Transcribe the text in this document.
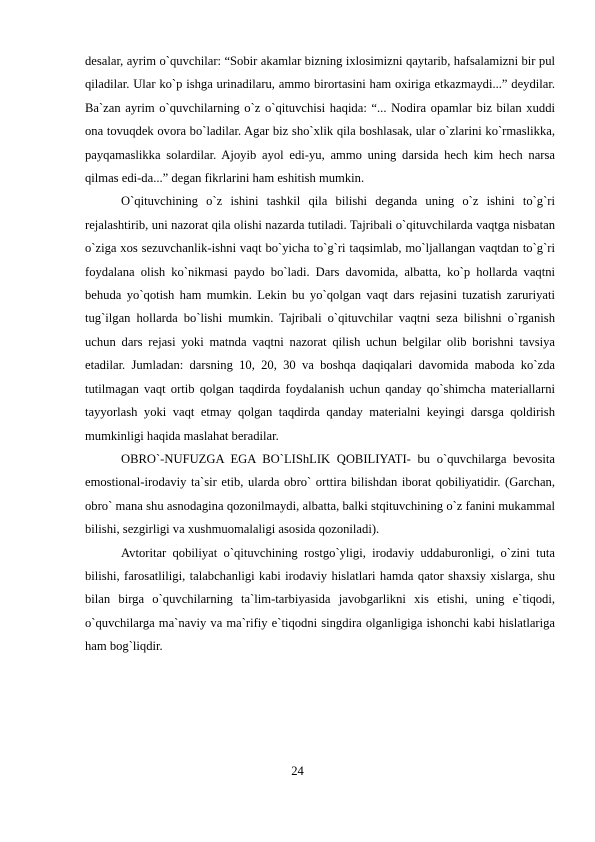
desalar, ayrim o`quvchilar: “Sobir akamlar bizning ixlosimizni qaytarib, hafsalamizni bir pul qiladilar. Ular ko`p ishga urinadilaru, ammo birortasini ham oxiriga etkazmaydi...” deydilar. Ba`zan ayrim o`quvchilarning o`z o`qituvchisi haqida: “... Nodira opamlar biz bilan xuddi ona tovuqdek ovora bo`ladilar. Agar biz sho`xlik qila boshlasak, ular o`zlarini ko`rmaslikka, payqamaslikka solardilar. Ajoyib ayol edi-yu, ammo uning darsida hech kim hech narsa qilmas edi-da...” degan fikrlarini ham eshitish mumkin.

O`qituvchining o`z ishini tashkil qila bilishi deganda uning o`z ishini to`g`ri rejalashtirib, uni nazorat qila olishi nazarda tutiladi. Tajribali o`qituvchilarda vaqtga nisbatan o`ziga xos sezuvchanlik-ishni vaqt bo`yicha to`g`ri taqsimlab, mo`ljallangan vaqtdan to`g`ri foydalana olish ko`nikmasi paydo bo`ladi. Dars davomida, albatta, ko`p hollarda vaqtni behuda yo`qotish ham mumkin. Lekin bu yo`qolgan vaqt dars rejasini tuzatish zaruriyati tug`ilgan hollarda bo`lishi mumkin. Tajribali o`qituvchilar vaqtni seza bilishni o`rganish uchun dars rejasi yoki matnda vaqtni nazorat qilish uchun belgilar olib borishni tavsiya etadilar. Jumladan: darsning 10, 20, 30 va boshqa daqiqalari davomida maboda ko`zda tutilmagan vaqt ortib qolgan taqdirda foydalanish uchun qanday qo`shimcha materiallarni tayyorlash yoki vaqt etmay qolgan taqdirda qanday materialni keyingi darsga qoldirish mumkinligi haqida maslahat beradilar.

OBRO`-NUFUZGA EGA BO`LIShLIK QOBILIYATI- bu o`quvchilarga bevosita emostional-irodaviy ta`sir etib, ularda obro` orttira bilishdan iborat qobiliyatidir. (Garchan, obro` mana shu asnodagina qozonilmaydi, albatta, balki stqituvchining o`z fanini mukammal bilishi, sezgirligi va xushmuomalaligi asosida qozoniladi).

Avtoritar qobiliyat o`qituvchining rostgo`yligi, irodaviy uddaburonligi, o`zini tuta bilishi, farosatliligi, talabchanligi kabi irodaviy hislatlari hamda qator shaxsiy xislarga, shu bilan birga o`quvchilarning ta`lim-tarbiyasida javobgarlikni xis etishi, uning e`tiqodi, o`quvchilarga ma`naviy va ma`rifiy e`tiqodni singdira olganligiga ishonchi kabi hislatlariga ham bog`liqdir.

24
